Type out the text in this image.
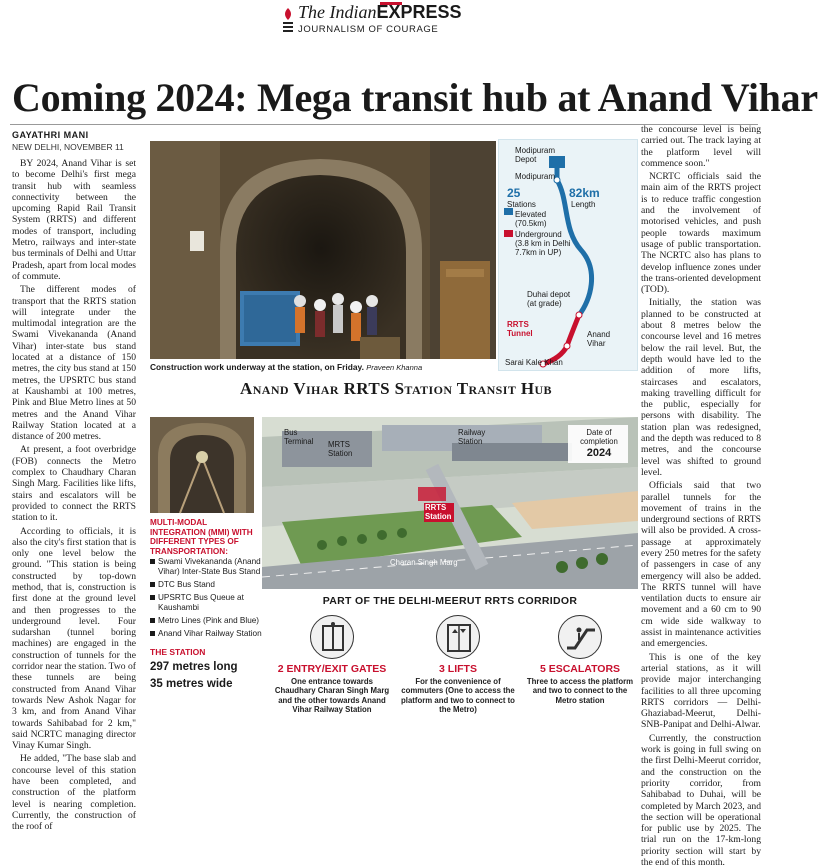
The IndianEXPRESS
JOURNALISM OF COURAGE
Coming 2024: Mega transit hub at Anand Vihar
GAYATHRI MANI
NEW DELHI, NOVEMBER 11

BY 2024, Anand Vihar is set to become Delhi's first mega transit hub with seamless connectivity between the upcoming Rapid Rail Transit System (RRTS) and different modes of transport, including Metro, railways and inter-state bus terminals of Delhi and Uttar Pradesh, apart from local modes of commute.

The different modes of transport that the RRTS station will integrate under the multimodal integration are the Swami Vivekananda (Anand Vihar) inter-state bus stand located at a distance of 150 metres, the city bus stand at 150 metres, the UPSRTC bus stand at Kaushambi at 100 metres, Pink and Blue Metro lines at 50 metres and the Anand Vihar Railway Station located at a distance of 200 metres.

At present, a foot overbridge (FOB) connects the Metro complex to Chaudhary Charan Singh Marg. Facilities like lifts, stairs and escalators will be provided to connect the RRTS station to it.

According to officials, it is also the city's first station that is only one level below the ground. "This station is being constructed by top-down method, that is, construction is first done at the ground level and then progresses to the underground level. Four sudarshan (tunnel boring machines) are engaged in the construction of tunnels for the corridor near the station. Two of these tunnels are being constructed from Anand Vihar towards New Ashok Nagar for 3 km, and from Anand Vihar towards Sahibabad for 2 km," said NCRTC managing director Vinay Kumar Singh.

He added, "The base slab and concourse level of this station have been completed, and construction of the platform level is nearing completion. Currently, the construction of the roof of

the concourse level is being carried out. The track laying at the platform level will commence soon."

NCRTC officials said the main aim of the RRTS project is to reduce traffic congestion and the involvement of motorised vehicles, and push people towards maximum usage of public transportation. The NCRTC also has plans to develop influence zones under the trans-oriented development (TOD).

Initially, the station was planned to be constructed at about 8 metres below the concourse level and 16 metres below the rail level. But, the depth would have led to the addition of more lifts, staircases and escalators, making travelling difficult for the public, especially for persons with disability. The station plan was redesigned, and the depth was reduced to 8 metres, and the concourse level was shifted to ground level.

Officials said that two parallel tunnels for the movement of trains in the underground sections of RRTS will also be provided. A cross-passage at approximately every 250 metres for the safety of passengers in case of any emergency will also be added. The RRTS tunnel will have ventilation ducts to ensure air movement and a 60 cm to 90 cm wide side walkway to assist in maintenance activities and emergencies.

This is one of the key arterial stations, as it will provide major interchanging facilities to all three upcoming RRTS corridors — Delhi-Ghaziabad-Meerut, Delhi-SNB-Panipat and Delhi-Alwar.

Currently, the construction work is going in full swing on the first Delhi-Meerut corridor, and the construction on the priority corridor, from Sahibabad to Duhai, will be completed by March 2023, and the section will be operational for public use by 2025. The trial run on the 17-km-long priority section will start by the end of this month.

Construction work underway at the station, on Friday. Praveen Khanna
Modipuram Depot
Modipuram
25
Stations
82km
Length
Elevated (70.5km)
Underground (3.8 km in Delhi 7.7km in UP)
Duhai depot (at grade)
RRTS Tunnel	Anand Vihar
Sarai Kale Khan
Anand Vihar RRTS Station Transit Hub
MULTI-MODAL INTEGRATION (MMI) WITH DIFFERENT TYPES OF TRANSPORTATION:
Swami Vivekananda (Anand Vihar) Inter-State Bus Stand
DTC Bus Stand
UPSRTC Bus Queue at Kaushambi
Metro Lines (Pink and Blue)
Anand Vihar Railway Station
THE STATION
297 metres long
35 metres wide
Bus Terminal MRTS Station
Railway Station
RRTS Station
Charan Singh Marg
Date of completion
2024
PART OF THE DELHI-MEERUT RRTS CORRIDOR
2 ENTRY/EXIT GATES
One entrance towards Chaudhary Charan Singh Marg and the other towards Anand Vihar Railway Station
3 LIFTS
For the convenience of commuters (One to access the platform and two to connect to the Metro)
5 ESCALATORS
Three to access the platform and two to connect to the Metro station
